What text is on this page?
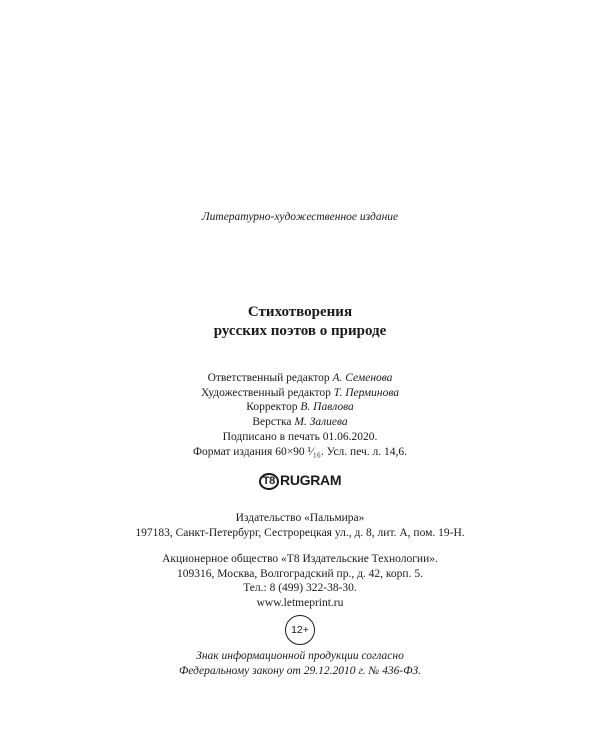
Литературно-художественное издание
Стихотворения
русских поэтов о природе
Ответственный редактор А. Семенова
Художественный редактор Т. Перминова
Корректор В. Павлова
Верстка М. Залиева
Подписано в печать 01.06.2020.
Формат издания 60×90 ¹⁄₁₆. Усл. печ. л. 14,6.
T8 RUGRAM
Издательство «Пальмира»
197183, Санкт-Петербург, Сестрорецкая ул., д. 8, лит. А, пом. 19-Н.
Акционерное общество «T8 Издательские Технологии».
109316, Москва, Волгоградский пр., д. 42, корп. 5.
Тел.: 8 (499) 322-38-30.
www.letmeprint.ru
12+
Знак информационной продукции согласно
Федеральному закону от 29.12.2010 г. № 436-ФЗ.
